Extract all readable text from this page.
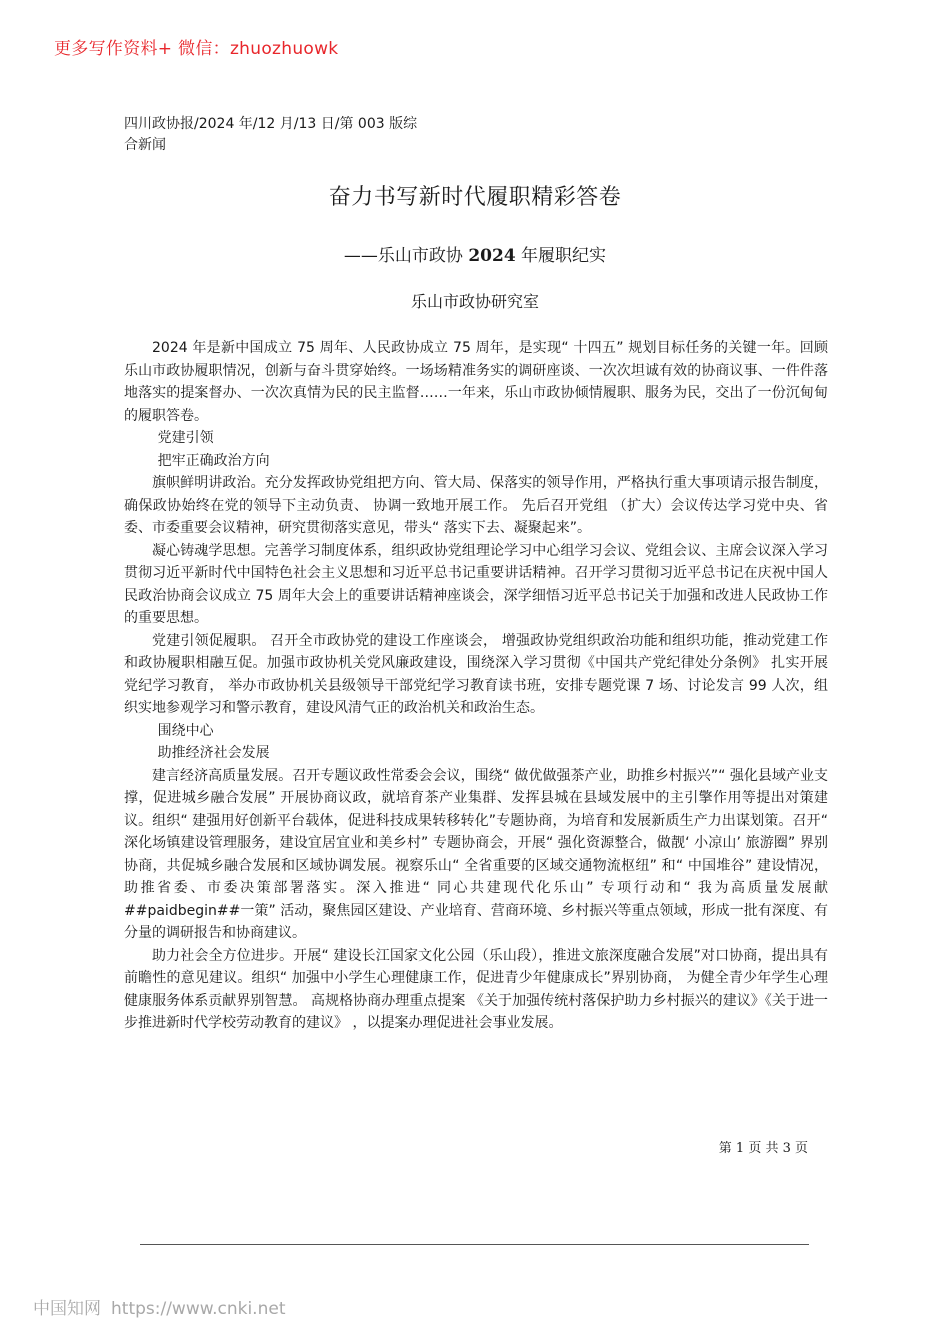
更多写作资料+ 微信：zhuozhuowk
四川政协报/2024 年/12 月/13 日/第 003 版综合新闻
奋力书写新时代履职精彩答卷
——乐山市政协 2024 年履职纪实
乐山市政协研究室

2024 年是新中国成立 75 周年、人民政协成立 75 周年，是实现“ 十四五” 规划目标任务的关键一年。回顾乐山市政协履职情况，创新与奋斗贯穿始终。一场场精准务实的调研座谈、一次次坦诚有效的协商议事、一件件落地落实的提案督办、一次次真情为民的民主监督……一年来，乐山市政协倾情履职、服务为民，交出了一份沉甸甸的履职答卷。

党建引领

把牢正确政治方向

旗帜鲜明讲政治。充分发挥政协党组把方向、管大局、保落实的领导作用，严格执行重大事项请示报告制度， 确保政协始终在党的领导下主动负责、 协调一致地开展工作。 先后召开党组 （扩大）会议传达学习党中央、省委、市委重要会议精神，研究贯彻落实意见，带头“ 落实下去、凝聚起来”。

凝心铸魂学思想。完善学习制度体系，组织政协党组理论学习中心组学习会议、党组会议、主席会议深入学习贯彻习近平新时代中国特色社会主义思想和习近平总书记重要讲话精神。召开学习贯彻习近平总书记在庆祝中国人民政治协商会议成立 75 周年大会上的重要讲话精神座谈会，深学细悟习近平总书记关于加强和改进人民政协工作的重要思想。

党建引领促履职。 召开全市政协党的建设工作座谈会， 增强政协党组织政治功能和组织功能，推动党建工作和政协履职相融互促。加强市政协机关党风廉政建设，围绕深入学习贯彻《中国共产党纪律处分条例》 扎实开展党纪学习教育， 举办市政协机关县级领导干部党纪学习教育读书班，安排专题党课 7 场、讨论发言 99 人次，组织实地参观学习和警示教育，建设风清气正的政治机关和政治生态。

围绕中心

助推经济社会发展

建言经济高质量发展。召开专题议政性常委会会议，围绕“ 做优做强茶产业，助推乡村振兴”“ 强化县域产业支撑，促进城乡融合发展” 开展协商议政，就培育茶产业集群、发挥县城在县域发展中的主引擎作用等提出对策建议。组织“ 建强用好创新平台载体，促进科技成果转移转化”专题协商，为培育和发展新质生产力出谋划策。召开“ 深化场镇建设管理服务，建设宜居宜业和美乡村” 专题协商会，开展“ 强化资源整合，做靓‘ 小凉山’ 旅游圈” 界别协商，共促城乡融合发展和区域协调发展。视察乐山“ 全省重要的区域交通物流枢纽” 和“ 中国堆谷” 建设情况，助推省委、市委决策部署落实。深入推进“ 同心共建现代化乐山” 专项行动和“ 我为高质量发展献##paidbegin##一策” 活动，聚焦园区建设、产业培育、营商环境、乡村振兴等重点领域，形成一批有深度、有分量的调研报告和协商建议。

助力社会全方位进步。开展“ 建设长江国家文化公园（乐山段），推进文旅深度融合发展”对口协商，提出具有前瞻性的意见建议。组织“ 加强中小学生心理健康工作，促进青少年健康成长”界别协商， 为健全青少年学生心理健康服务体系贡献界别智慧。 高规格协商办理重点提案 《关于加强传统村落保护助力乡村振兴的建议》《关于进一步推进新时代学校劳动教育的建议》 ，以提案办理促进社会事业发展。

第 1 页 共 3 页
中国知网 https://www.cnki.net
